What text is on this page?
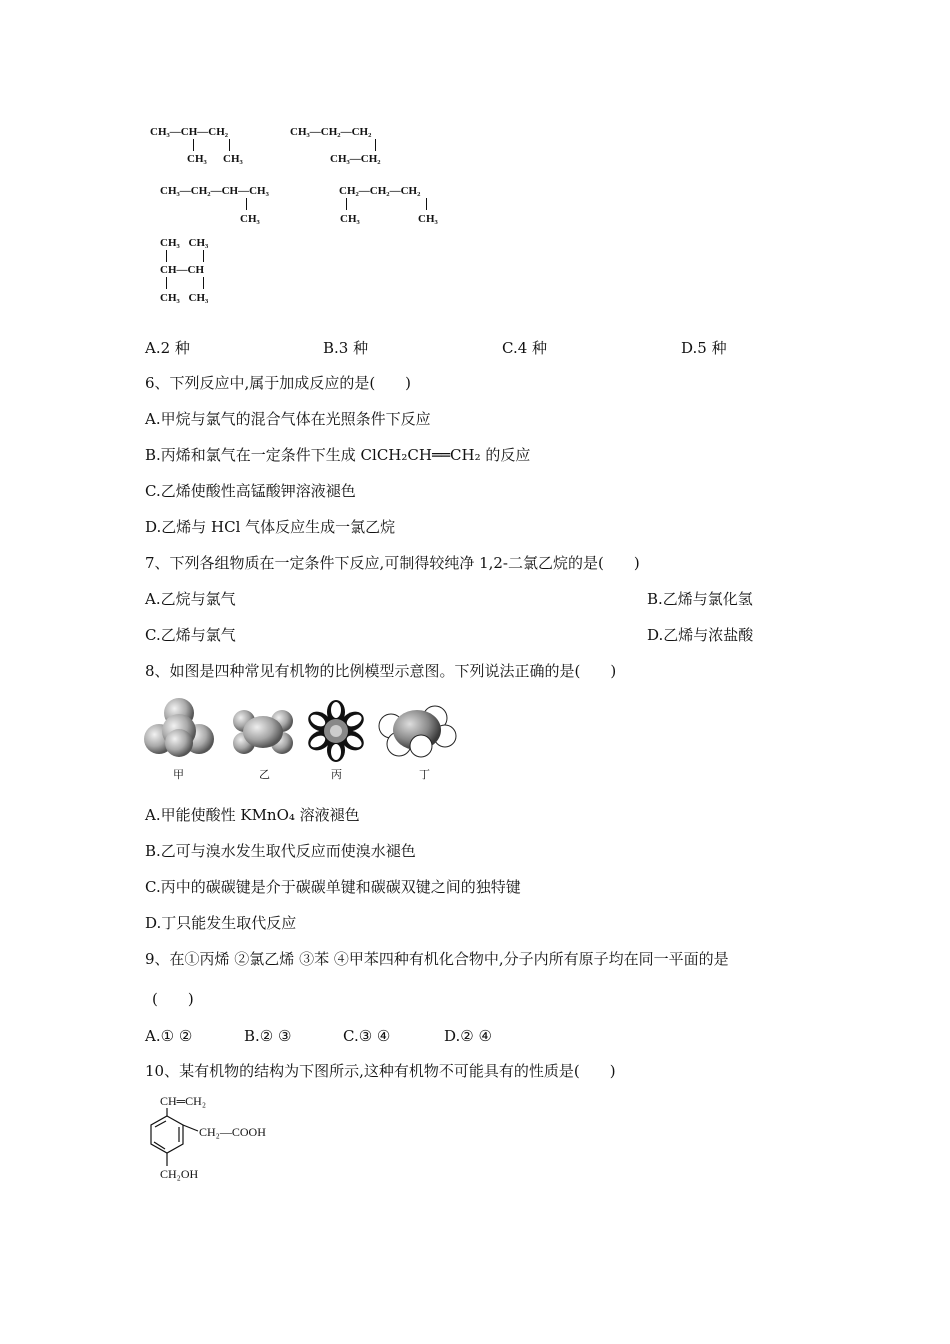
CH₃—CH—CH₂
CH₃ CH₃
CH₃—CH₂—CH₂
CH₃—CH₂
CH₃—CH₂—CH—CH₃
CH₃
CH₂—CH₂—CH₂
CH₃	CH₃
CH₃ CH₃
CH—CH
CH₃ CH₃
A.2 种	B.3 种	C.4 种	D.5 种
6、下列反应中,属于加成反应的是(　　)
A.甲烷与氯气的混合气体在光照条件下反应
B.丙烯和氯气在一定条件下生成 ClCH₂CH══CH₂ 的反应
C.乙烯使酸性高锰酸钾溶液褪色
D.乙烯与 HCl 气体反应生成一氯乙烷
7、下列各组物质在一定条件下反应,可制得较纯净 1,2-二氯乙烷的是(　　)
A.乙烷与氯气	B.乙烯与氯化氢
C.乙烯与氯气	D.乙烯与浓盐酸
8、如图是四种常见有机物的比例模型示意图。下列说法正确的是(　　)
甲	乙	丙	丁
A.甲能使酸性 KMnO₄ 溶液褪色
B.乙可与溴水发生取代反应而使溴水褪色
C.丙中的碳碳键是介于碳碳单键和碳碳双键之间的独特键
D.丁只能发生取代反应
9、在①丙烯 ②氯乙烯 ③苯 ④甲苯四种有机化合物中,分子内所有原子均在同一平面的是
(　　)
A.① ②	B.② ③	C.③ ④	D.② ④
10、某有机物的结构为下图所示,这种有机物不可能具有的性质是(　　)
CH═CH₂
CH₂—COOH
CH₂OH
